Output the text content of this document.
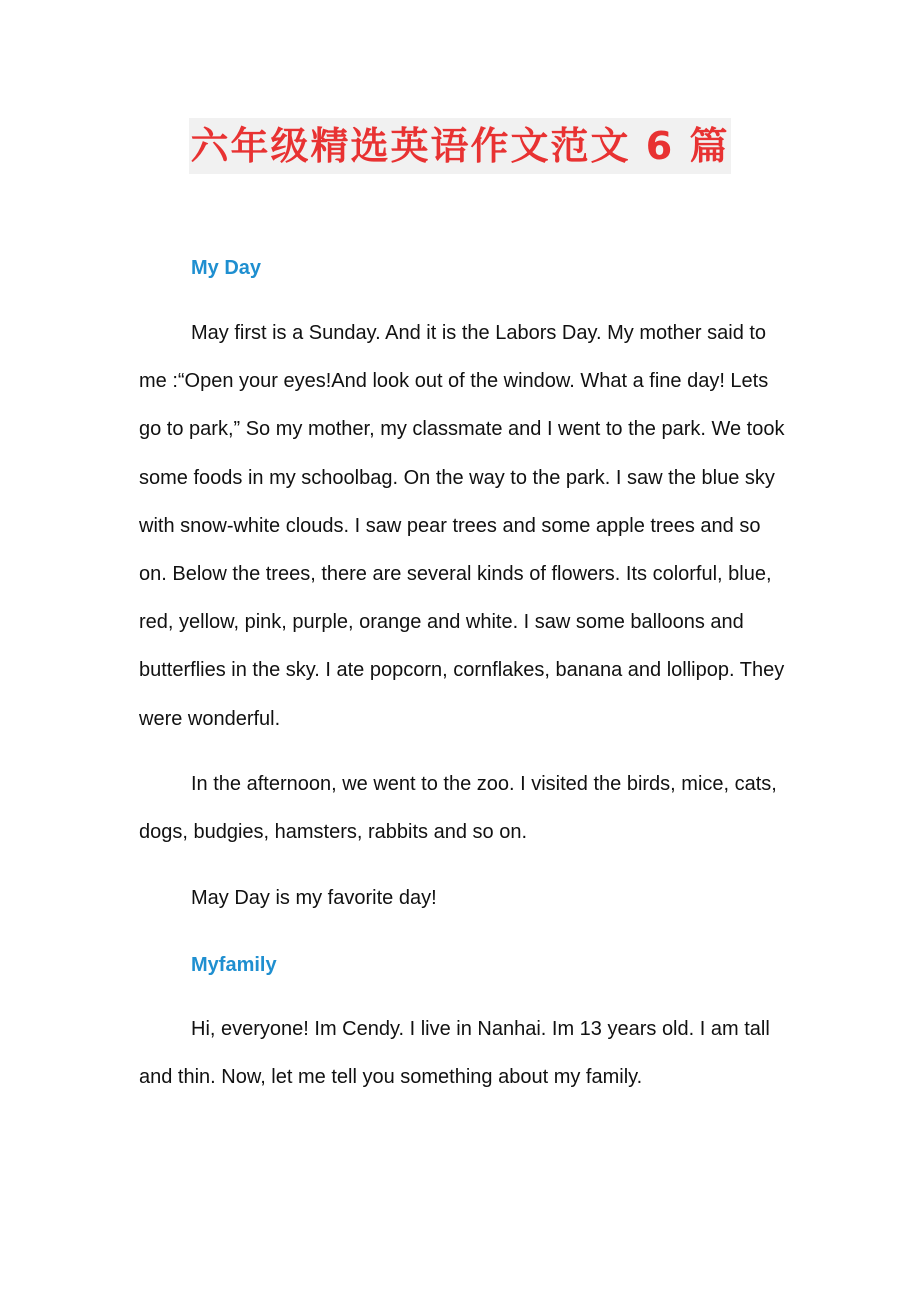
六年级精选英语作文范文 6 篇
My Day

May first is a Sunday. And it is the Labors Day. My mother said to me :“Open your eyes!And look out of the window. What a fine day! Lets go to park,” So my mother, my classmate and I went to the park. We took some foods in my schoolbag. On the way to the park. I saw the blue sky with snow-white clouds. I saw pear trees and some apple trees and so on. Below the trees, there are several kinds of flowers. Its colorful, blue, red, yellow, pink, purple, orange and white. I saw some balloons and butterflies in the sky. I ate popcorn, cornflakes, banana and lollipop. They were wonderful.

In the afternoon, we went to the zoo. I visited the birds, mice, cats, dogs, budgies, hamsters, rabbits and so on.

May Day is my favorite day!

Myfamily

Hi, everyone! Im Cendy. I live in Nanhai. Im 13 years old. I am tall and thin. Now, let me tell you something about my family.
